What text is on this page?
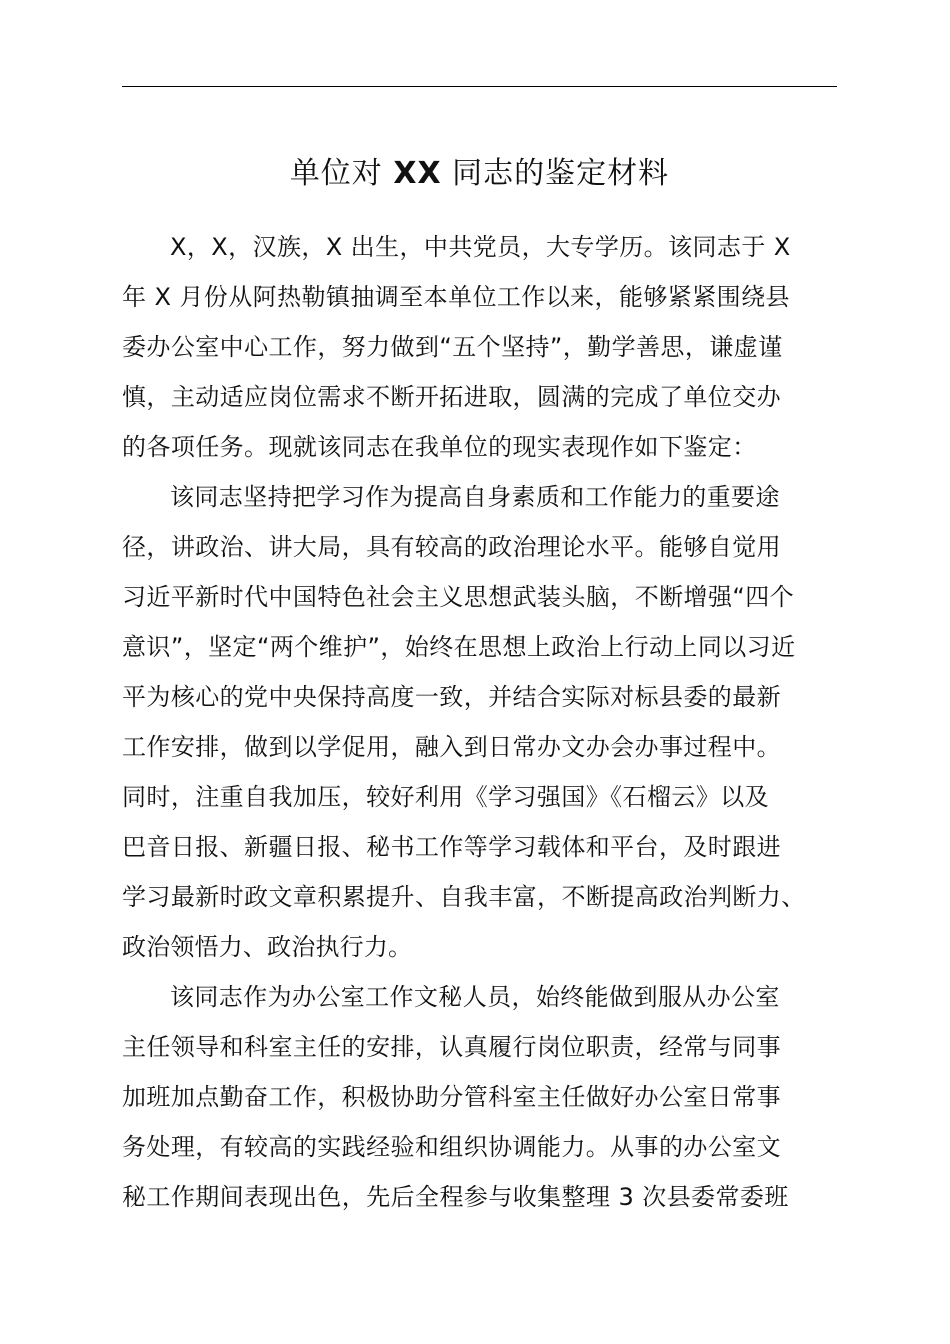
单位对 XX 同志的鉴定材料
X，X，汉族，X 出生，中共党员，大专学历。该同志于 X
年 X 月份从阿热勒镇抽调至本单位工作以来，能够紧紧围绕县
委办公室中心工作，努力做到“五个坚持”，勤学善思，谦虚谨
慎，主动适应岗位需求不断开拓进取，圆满的完成了单位交办
的各项任务。现就该同志在我单位的现实表现作如下鉴定：
该同志坚持把学习作为提高自身素质和工作能力的重要途
径，讲政治、讲大局，具有较高的政治理论水平。能够自觉用
习近平新时代中国特色社会主义思想武装头脑，不断增强“四个
意识”，坚定“两个维护”，始终在思想上政治上行动上同以习近
平为核心的党中央保持高度一致，并结合实际对标县委的最新
工作安排，做到以学促用，融入到日常办文办会办事过程中。
同时，注重自我加压，较好利用《学习强国》《石榴云》以及
巴音日报、新疆日报、秘书工作等学习载体和平台，及时跟进
学习最新时政文章积累提升、自我丰富，不断提高政治判断力、
政治领悟力、政治执行力。
该同志作为办公室工作文秘人员，始终能做到服从办公室
主任领导和科室主任的安排，认真履行岗位职责，经常与同事
加班加点勤奋工作，积极协助分管科室主任做好办公室日常事
务处理，有较高的实践经验和组织协调能力。从事的办公室文
秘工作期间表现出色，先后全程参与收集整理 3 次县委常委班
